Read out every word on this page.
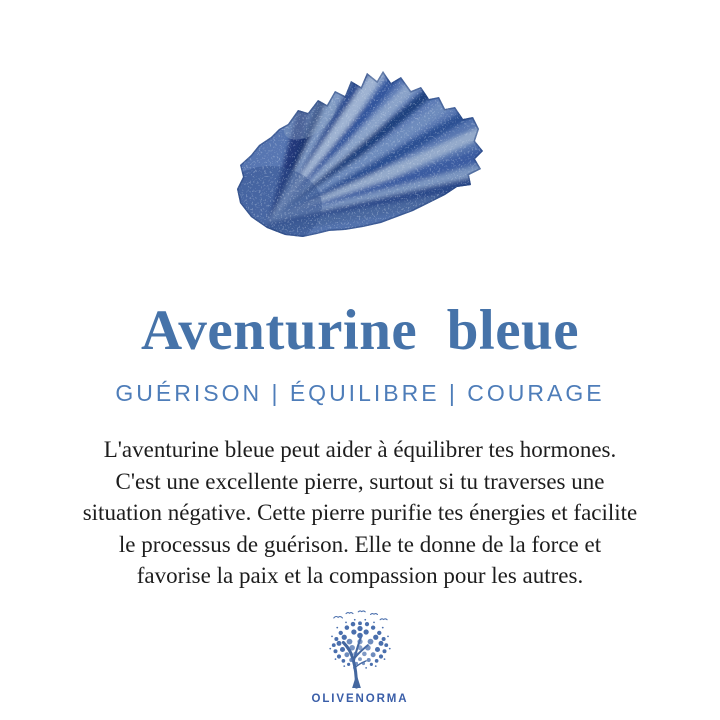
Aventurine  bleue
GUÉRISON | ÉQUILIBRE | COURAGE
L'aventurine bleue peut aider à équilibrer tes hormones.
C'est une excellente pierre, surtout si tu traverses une
situation négative. Cette pierre purifie tes énergies et facilite
le processus de guérison. Elle te donne de la force et
favorise la paix et la compassion pour les autres.
OLIVENORMA
